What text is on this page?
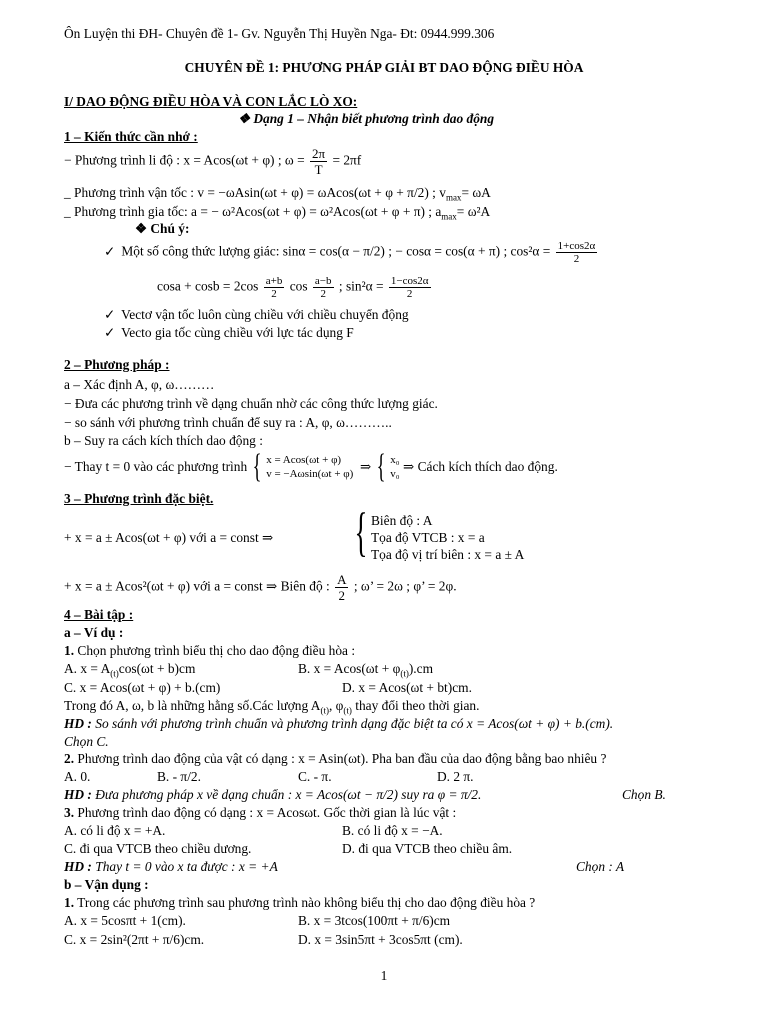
Ôn Luyện thi ĐH- Chuyên đề 1- Gv. Nguyễn Thị Huyền Nga- Đt: 0944.999.306
CHUYÊN ĐỀ 1: PHƯƠNG PHÁP GIẢI BT DAO ĐỘNG ĐIỀU HÒA
I/ DAO ĐỘNG ĐIỀU HÒA VÀ CON LẮC LÒ XO:
❖ Dạng 1 – Nhận biết phương trình dao động
1 – Kiến thức cần nhớ :
− Phương trình li độ : x = Acos(ωt + φ) ; $\omega = \frac{2\pi}{T} = 2\pi f$
_ Phương trình vận tốc : v = −ωAsin(ωt + φ) = ωAcos(ωt + φ + π/2) ; $v_{max}= \omega A$
_ Phương trình gia tốc: a = − ω²Acos(ωt + φ) = ω²Acos(ωt + φ + π) ; $a_{max}= \omega^2A$
❖ Chú ý:
✓ Một số công thức lượng giác: sinα = cos(α − π/2) ; − cosα = cos(α + π) ; $\cos^2\alpha = \frac{1+\cos 2\alpha}{2}$
$\cos a + \cos b = 2\cos \frac{a+b}{2}$ $\cos \frac{a-b}{2}$ ; $\sin^2\alpha = \frac{1-\cos 2\alpha}{2}$
✓ Vectơ vận tốc luôn cùng chiều với chiều chuyển động
✓ Vecto gia tốc cùng chiều với lực tác dụng F
2 – Phương pháp :
a – Xác định A, φ, ω………
− Đưa các phương trình về dạng chuẩn nhờ các công thức lượng giác.
− so sánh với phương trình chuẩn để suy ra : A, φ, ω………..
b – Suy ra cách kích thích dao động :
− Thay t = 0 vào các phương trình { x = Acos(ωt + φ)
v = −Aωsin(ωt + φ) ⇒ { x₀
v₀ ⇒ Cách kích thích dao động.
3 – Phương trình đặc biệt.
+ x = a ± Acos(ωt + φ) với a = const ⇒ { Biên độ : A
Tọa độ VTCB : x = a
Tọa độ vị trí biên : x = a ± A
+ x = a ± Acos²(ωt + φ) với a = const ⇒ Biên độ : $\frac{A}{2}$ ; ω’ = 2ω ; φ’ = 2φ.
4 – Bài tập :
a – Ví dụ :
1. Chọn phương trình biểu thị cho dao động điều hòa :
A. $x = A_{(t)}\cos(\omega t + b)cm$	B. $x = Acos(\omega t + \varphi_{(t)}).cm$
C. x = Acos(ωt + φ) + b.(cm)	D. x = Acos(ωt + bt)cm.
Trong đó A, ω, b là những hằng số.Các lượng $A_{(t)}$, $\varphi_{(t)}$ thay đổi theo thời gian.
HD : So sánh với phương trình chuẩn và phương trình dạng đặc biệt ta có x = Acos(ωt + φ) + b.(cm).
Chọn C.
2. Phương trình dao động của vật có dạng : x = Asin(ωt). Pha ban đầu của dao động bằng bao nhiêu ?
A. 0.	B. - π/2.	C. - π.	D. 2 π.
HD : Đưa phương pháp x về dạng chuẩn : x = Acos(ωt − π/2) suy ra φ = π/2.	Chọn B.
3. Phương trình dao động có dạng : x = Acosωt. Gốc thời gian là lúc vật :
A. có li độ x = +A.	B. có li độ x = −A.
C. đi qua VTCB theo chiều dương.	D. đi qua VTCB theo chiều âm.
HD : Thay t = 0 vào x ta được : x = +A	Chọn : A
b – Vận dụng :
1. Trong các phương trình sau phương trình nào không biểu thị cho dao động điều hòa ?
A. x = 5cosπt + 1(cm).	B. x = 3tcos(100πt + π/6)cm
C. x = 2sin²(2πt + π/6)cm.	D. x = 3sin5πt + 3cos5πt (cm).
1
